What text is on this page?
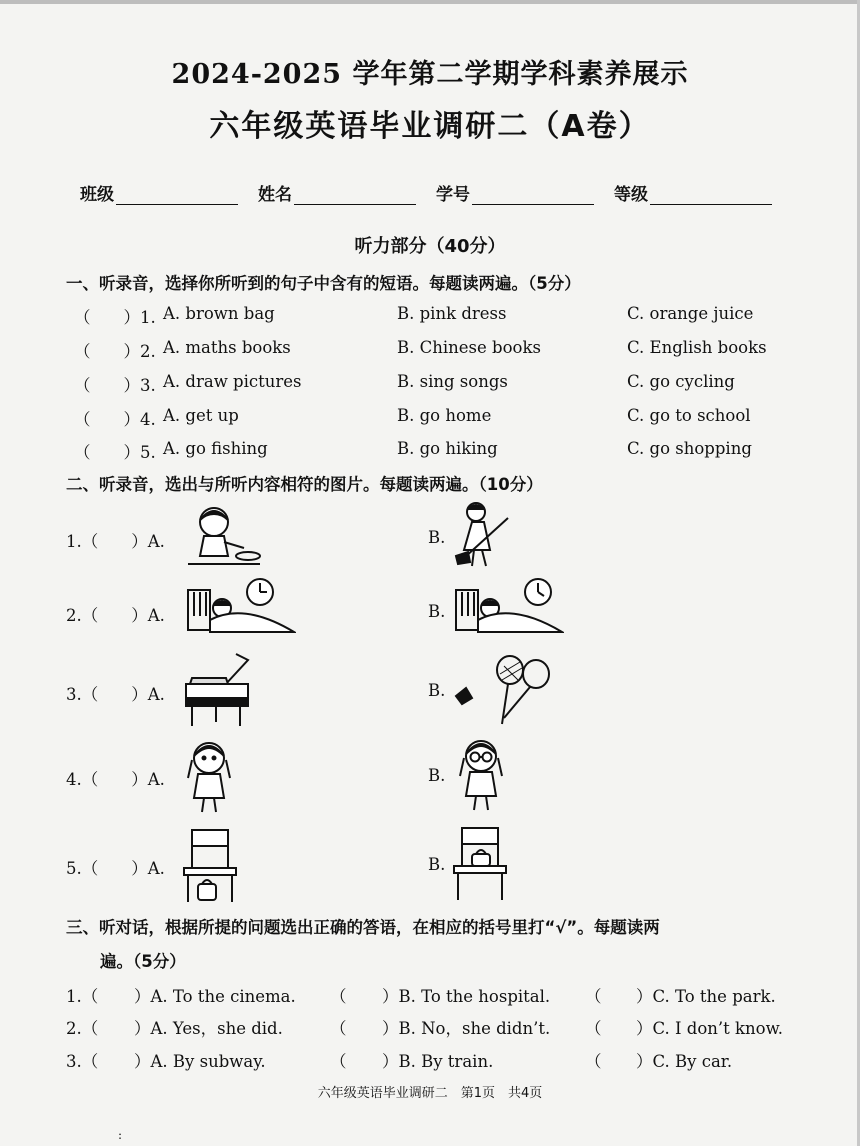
2024-2025 学年第二学期学科素养展示
六年级英语毕业调研二（A卷）
班级	姓名	学号	等级
听力部分（40分）
一、听录音，选择你所听到的句子中含有的短语。每题读两遍。（5分）
（　　）1. A. brown bag	B. pink dress	C. orange juice
（　　）2. A. maths books	B. Chinese books	C. English books
（　　）3. A. draw pictures	B. sing songs	C. go cycling
（　　）4. A. get up	B. go home	C. go to school
（　　）5. A. go fishing	B. go hiking	C. go shopping
二、听录音，选出与所听内容相符的图片。每题读两遍。（10分）
1.（　　）A.	B.
2.（　　）A.	B.
3.（　　）A.	B.
4.（　　）A.	B.
5.（　　）A.	B.
三、听对话，根据所提的问题选出正确的答语，在相应的括号里打“√”。每题读两
遍。（5分）
1.（ ）A. To the cinema. （ ）B. To the hospital. （ ）C. To the park.
2.（ ）A. Yes，she did.	（ ）B. No，she didn’t. （ ）C. I don’t know.
3.（ ）A. By subway.	（ ）B. By train.	（ ）C. By car.
六年级英语毕业调研二　第1页　共4页
:
